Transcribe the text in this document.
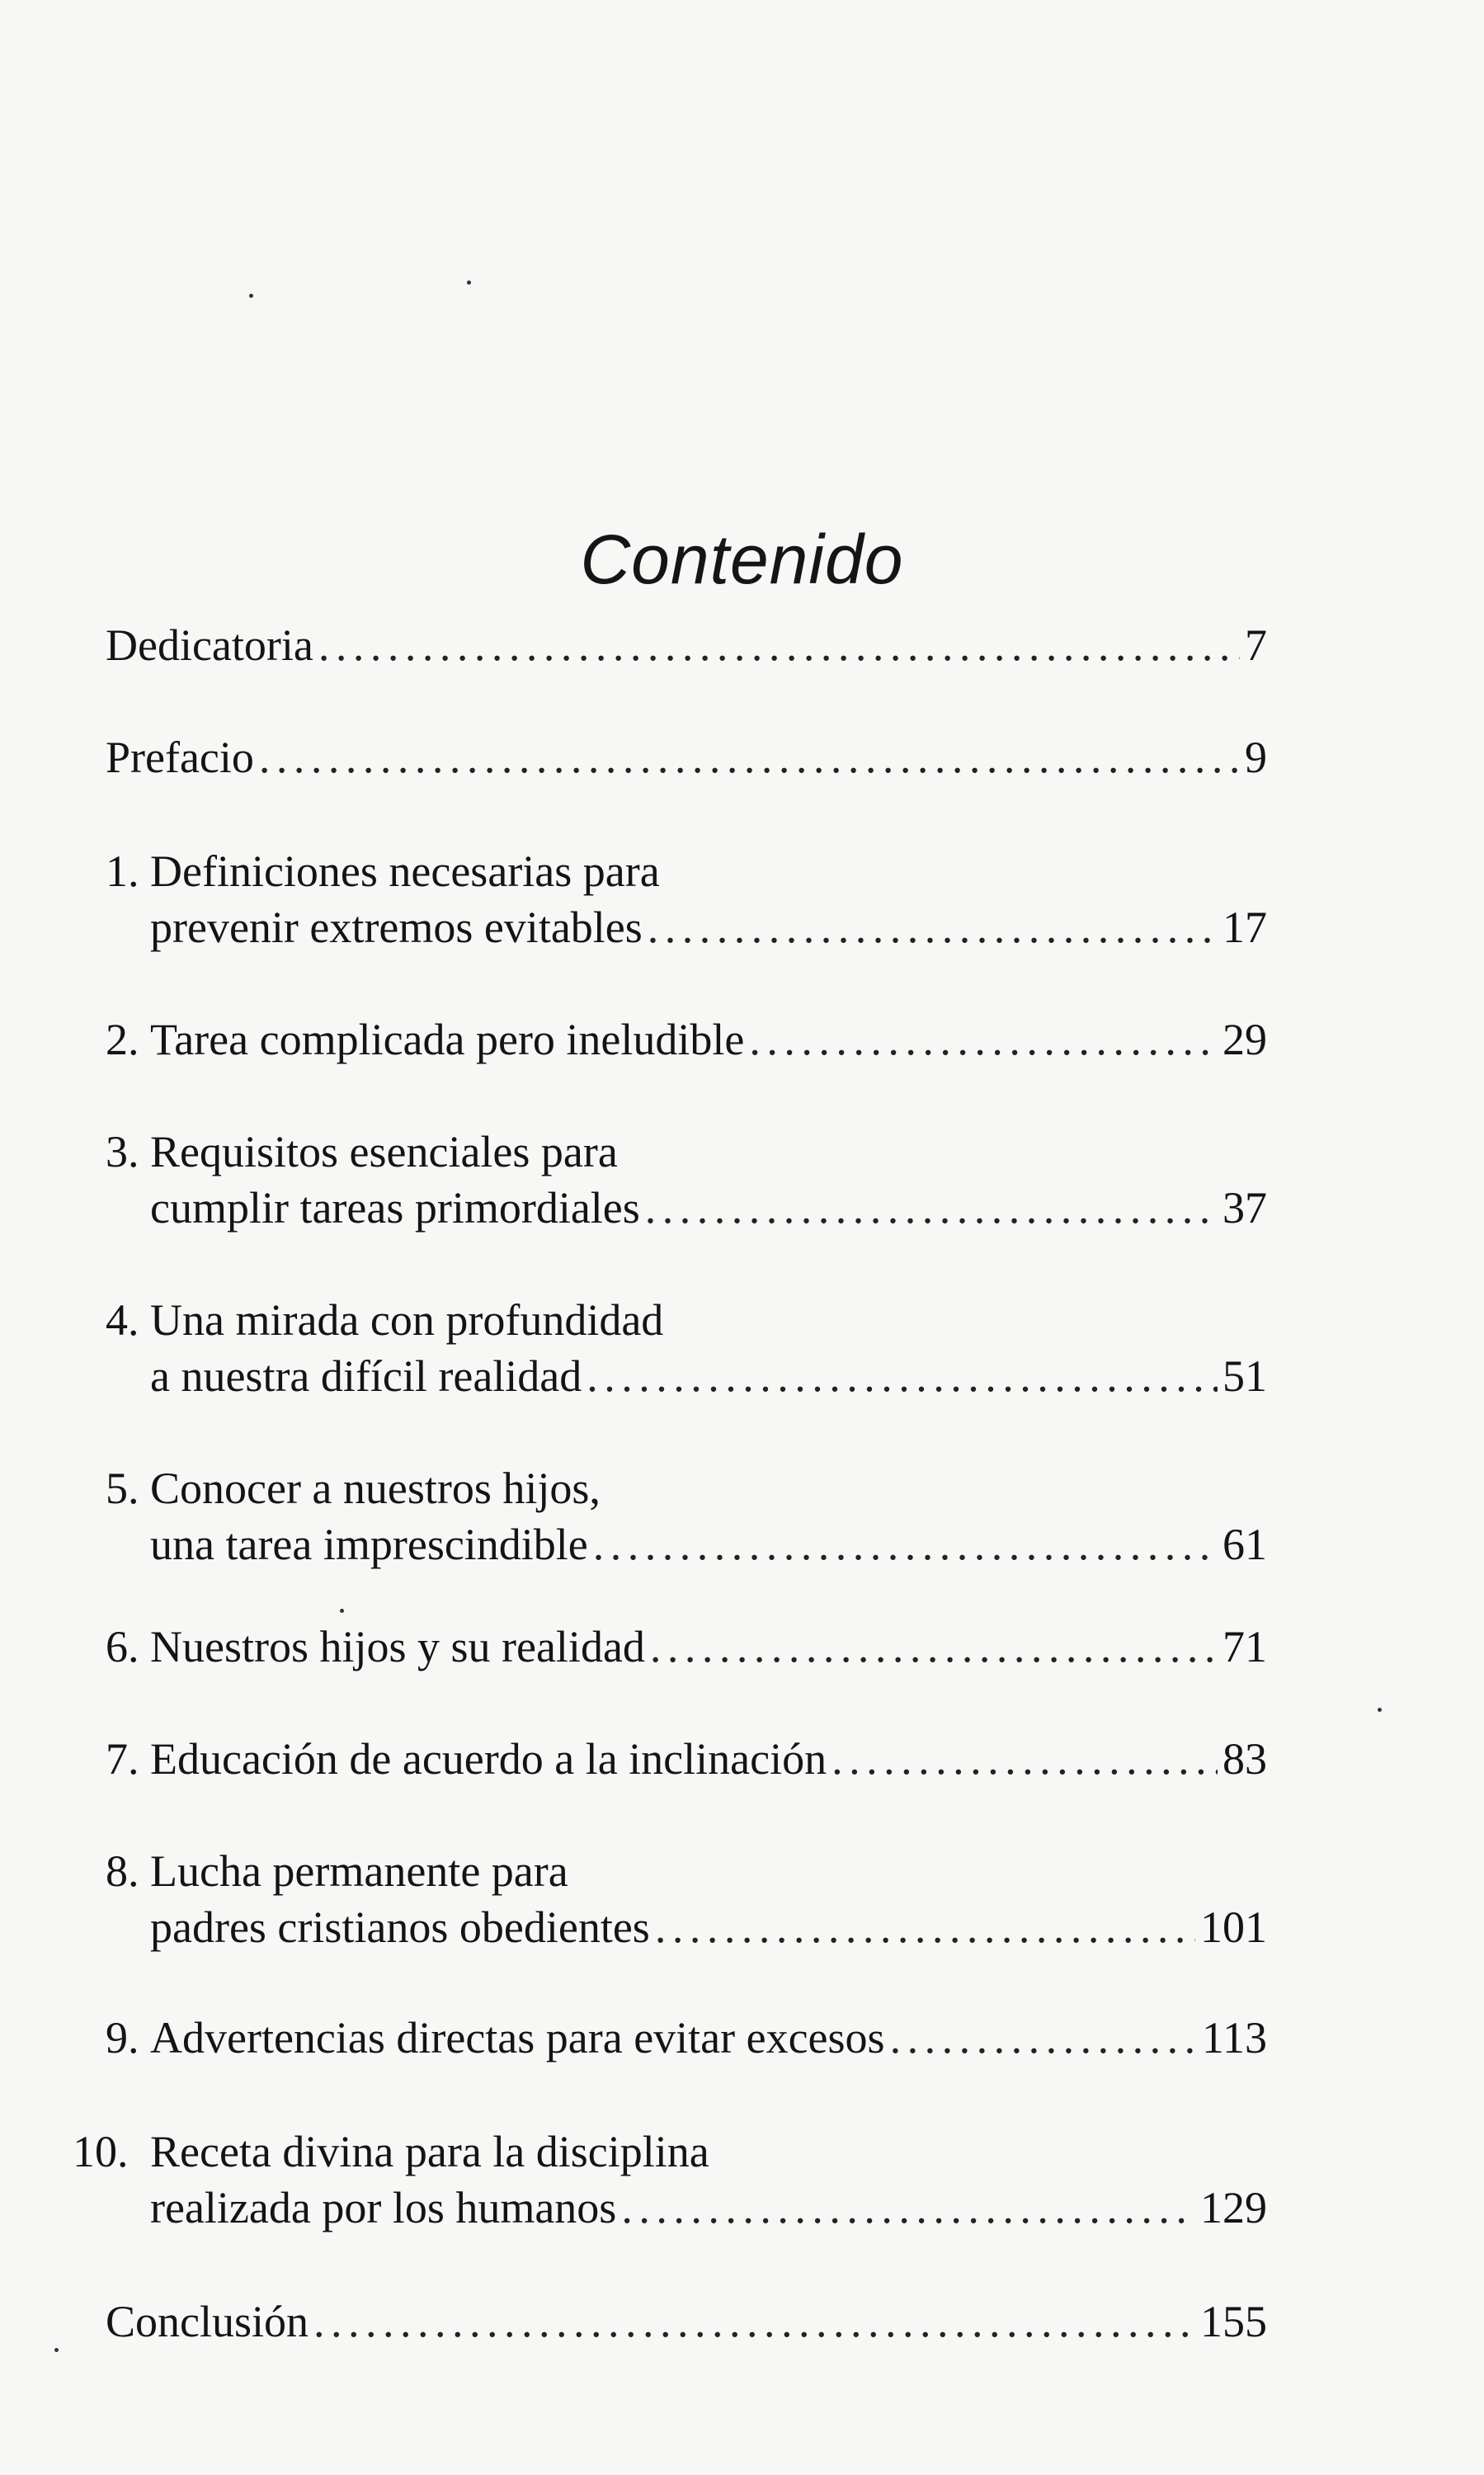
Contenido
Dedicatoria . . .	7
Prefacio . . .	9
1. Definiciones necesarias para
prevenir extremos evitables . . .	17
2. Tarea complicada pero ineludible . . .	29
3. Requisitos esenciales para
cumplir tareas primordiales . . .	37
4. Una mirada con profundidad
a nuestra difícil realidad . . .	51
5. Conocer a nuestros hijos,
una tarea imprescindible . . .	61
6. Nuestros hijos y su realidad . . .	71
7. Educación de acuerdo a la inclinación . . .	83
8. Lucha permanente para
padres cristianos obedientes . . .	101
9. Advertencias directas para evitar excesos . . .	113
10. Receta divina para la disciplina
realizada por los humanos . . .	129
Conclusión . . .	155
